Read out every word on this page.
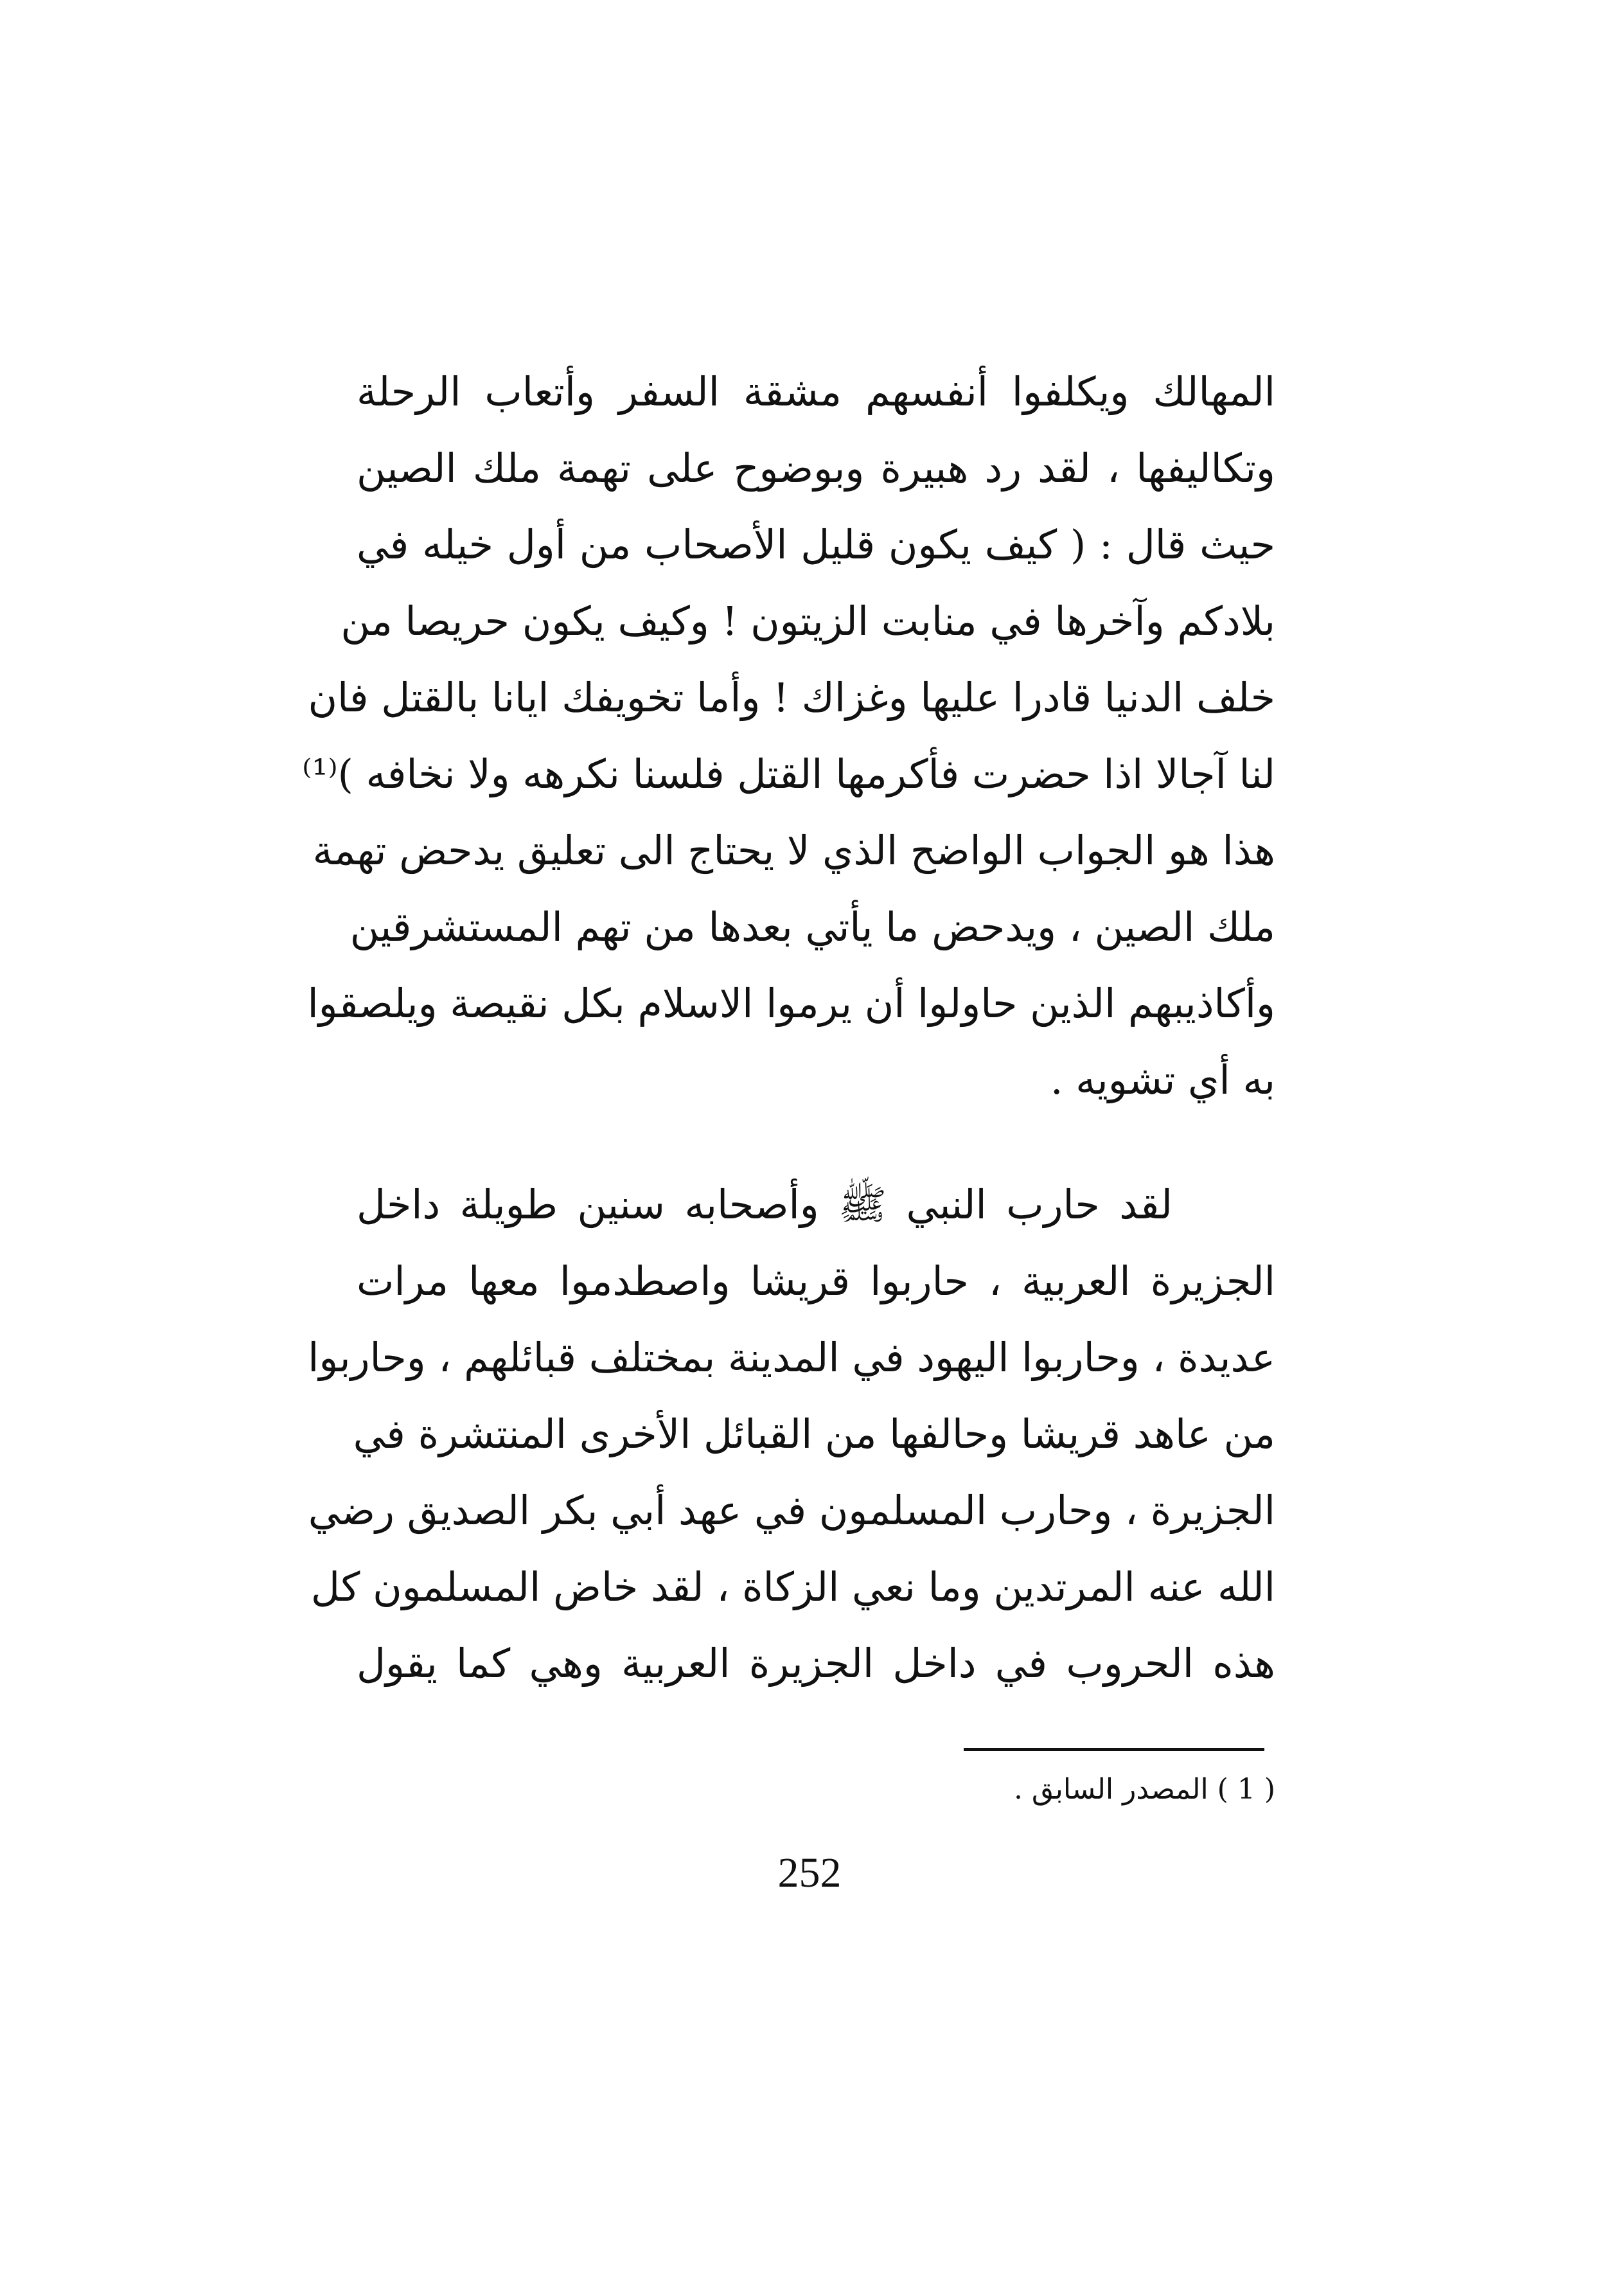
المهالك ويكلفوا أنفسهم مشقة السفر وأتعاب الرحلة
وتكاليفها ، لقد رد هبيرة وبوضوح على تهمة ملك الصين
حيث قال : ( كيف يكون قليل الأصحاب من أول خيله في
بلادكم وآخرها في منابت الزيتون ! وكيف يكون حريصا من
خلف الدنيا قادرا عليها وغزاك ! وأما تخويفك ايانا بالقتل فان
لنا آجالا اذا حضرت فأكرمها القتل فلسنا نكرهه ولا نخافه )⁽¹⁾
هذا هو الجواب الواضح الذي لا يحتاج الى تعليق يدحض تهمة
ملك الصين ، ويدحض ما يأتي بعدها من تهم المستشرقين
وأكاذيبهم الذين حاولوا أن يرموا الاسلام بكل نقيصة ويلصقوا
به أي تشويه .
لقد حارب النبي ﷺ وأصحابه سنين طويلة داخل
الجزيرة العربية ، حاربوا قريشا واصطدموا معها مرات
عديدة ، وحاربوا اليهود في المدينة بمختلف قبائلهم ، وحاربوا
من عاهد قريشا وحالفها من القبائل الأخرى المنتشرة في
الجزيرة ، وحارب المسلمون في عهد أبي بكر الصديق رضي
الله عنه المرتدين وما نعي الزكاة ، لقد خاض المسلمون كل
هذه الحروب في داخل الجزيرة العربية وهي كما يقول
( 1 ) المصدر السابق .
252
